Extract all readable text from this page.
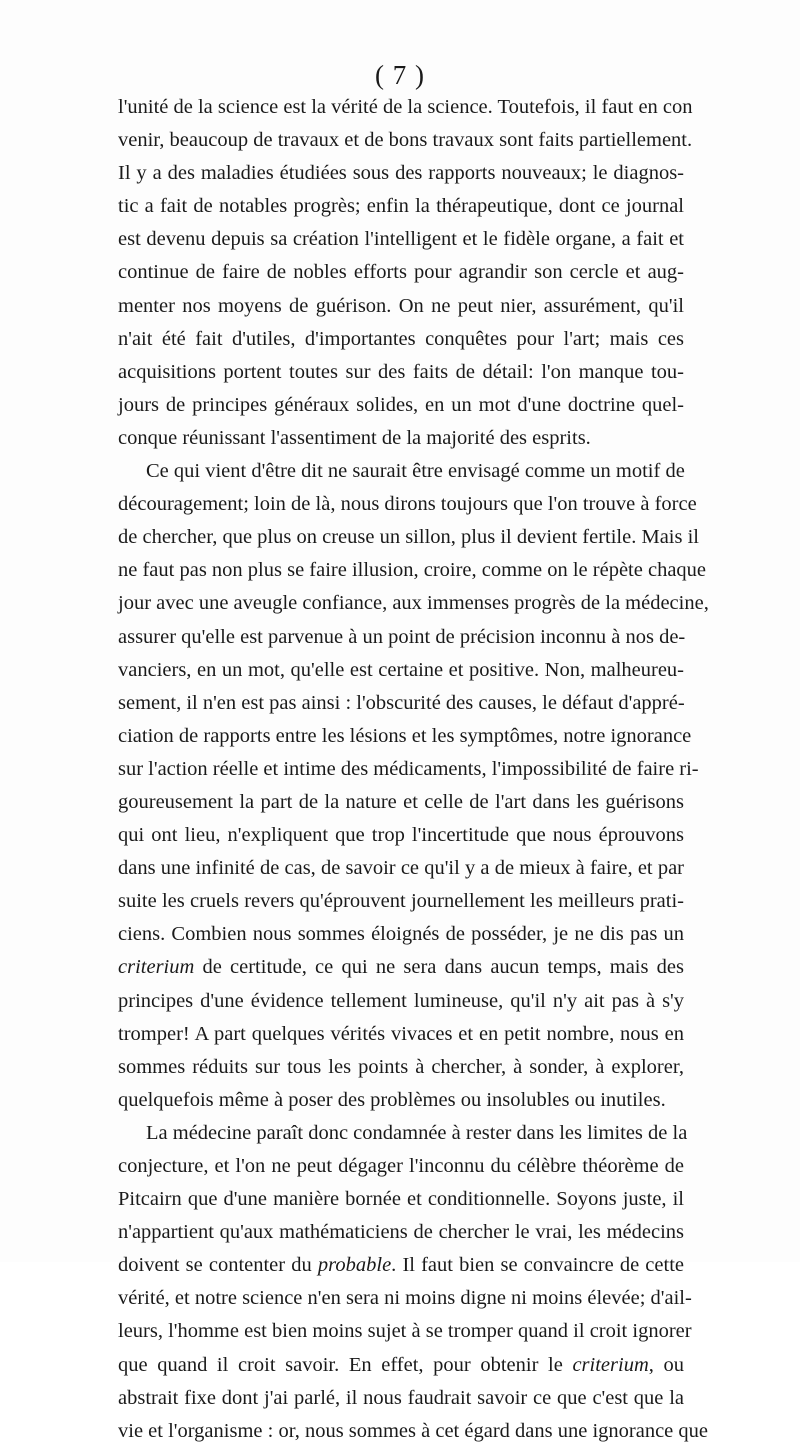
( 7 )
l'unité de la science est la vérité de la science. Toutefois, il faut en con
venir, beaucoup de travaux et de bons travaux sont faits partiellement.
Il y a des maladies étudiées sous des rapports nouveaux; le diagnos-
tic a fait de notables progrès; enfin la thérapeutique, dont ce journal
est devenu depuis sa création l'intelligent et le fidèle organe, a fait et
continue de faire de nobles efforts pour agrandir son cercle et aug-
menter nos moyens de guérison. On ne peut nier, assurément, qu'il
n'ait été fait d'utiles, d'importantes conquêtes pour l'art; mais ces
acquisitions portent toutes sur des faits de détail: l'on manque tou-
jours de principes généraux solides, en un mot d'une doctrine quel-
conque réunissant l'assentiment de la majorité des esprits.
Ce qui vient d'être dit ne saurait être envisagé comme un motif de
découragement; loin de là, nous dirons toujours que l'on trouve à force
de chercher, que plus on creuse un sillon, plus il devient fertile. Mais il
ne faut pas non plus se faire illusion, croire, comme on le répète chaque
jour avec une aveugle confiance, aux immenses progrès de la médecine,
assurer qu'elle est parvenue à un point de précision inconnu à nos de-
vanciers, en un mot, qu'elle est certaine et positive. Non, malheureu-
sement, il n'en est pas ainsi : l'obscurité des causes, le défaut d'appré-
ciation de rapports entre les lésions et les symptômes, notre ignorance
sur l'action réelle et intime des médicaments, l'impossibilité de faire ri-
goureusement la part de la nature et celle de l'art dans les guérisons
qui ont lieu, n'expliquent que trop l'incertitude que nous éprouvons
dans une infinité de cas, de savoir ce qu'il y a de mieux à faire, et par
suite les cruels revers qu'éprouvent journellement les meilleurs prati-
ciens. Combien nous sommes éloignés de posséder, je ne dis pas un
criterium de certitude, ce qui ne sera dans aucun temps, mais des
principes d'une évidence tellement lumineuse, qu'il n'y ait pas à s'y
tromper! A part quelques vérités vivaces et en petit nombre, nous en
sommes réduits sur tous les points à chercher, à sonder, à explorer,
quelquefois même à poser des problèmes ou insolubles ou inutiles.
La médecine paraît donc condamnée à rester dans les limites de la
conjecture, et l'on ne peut dégager l'inconnu du célèbre théorème de
Pitcairn que d'une manière bornée et conditionnelle. Soyons juste, il
n'appartient qu'aux mathématiciens de chercher le vrai, les médecins
doivent se contenter du probable. Il faut bien se convaincre de cette
vérité, et notre science n'en sera ni moins digne ni moins élevée; d'ail-
leurs, l'homme est bien moins sujet à se tromper quand il croit ignorer
que quand il croit savoir. En effet, pour obtenir le criterium, ou
abstrait fixe dont j'ai parlé, il nous faudrait savoir ce que c'est que la
vie et l'organisme : or, nous sommes à cet égard dans une ignorance que
